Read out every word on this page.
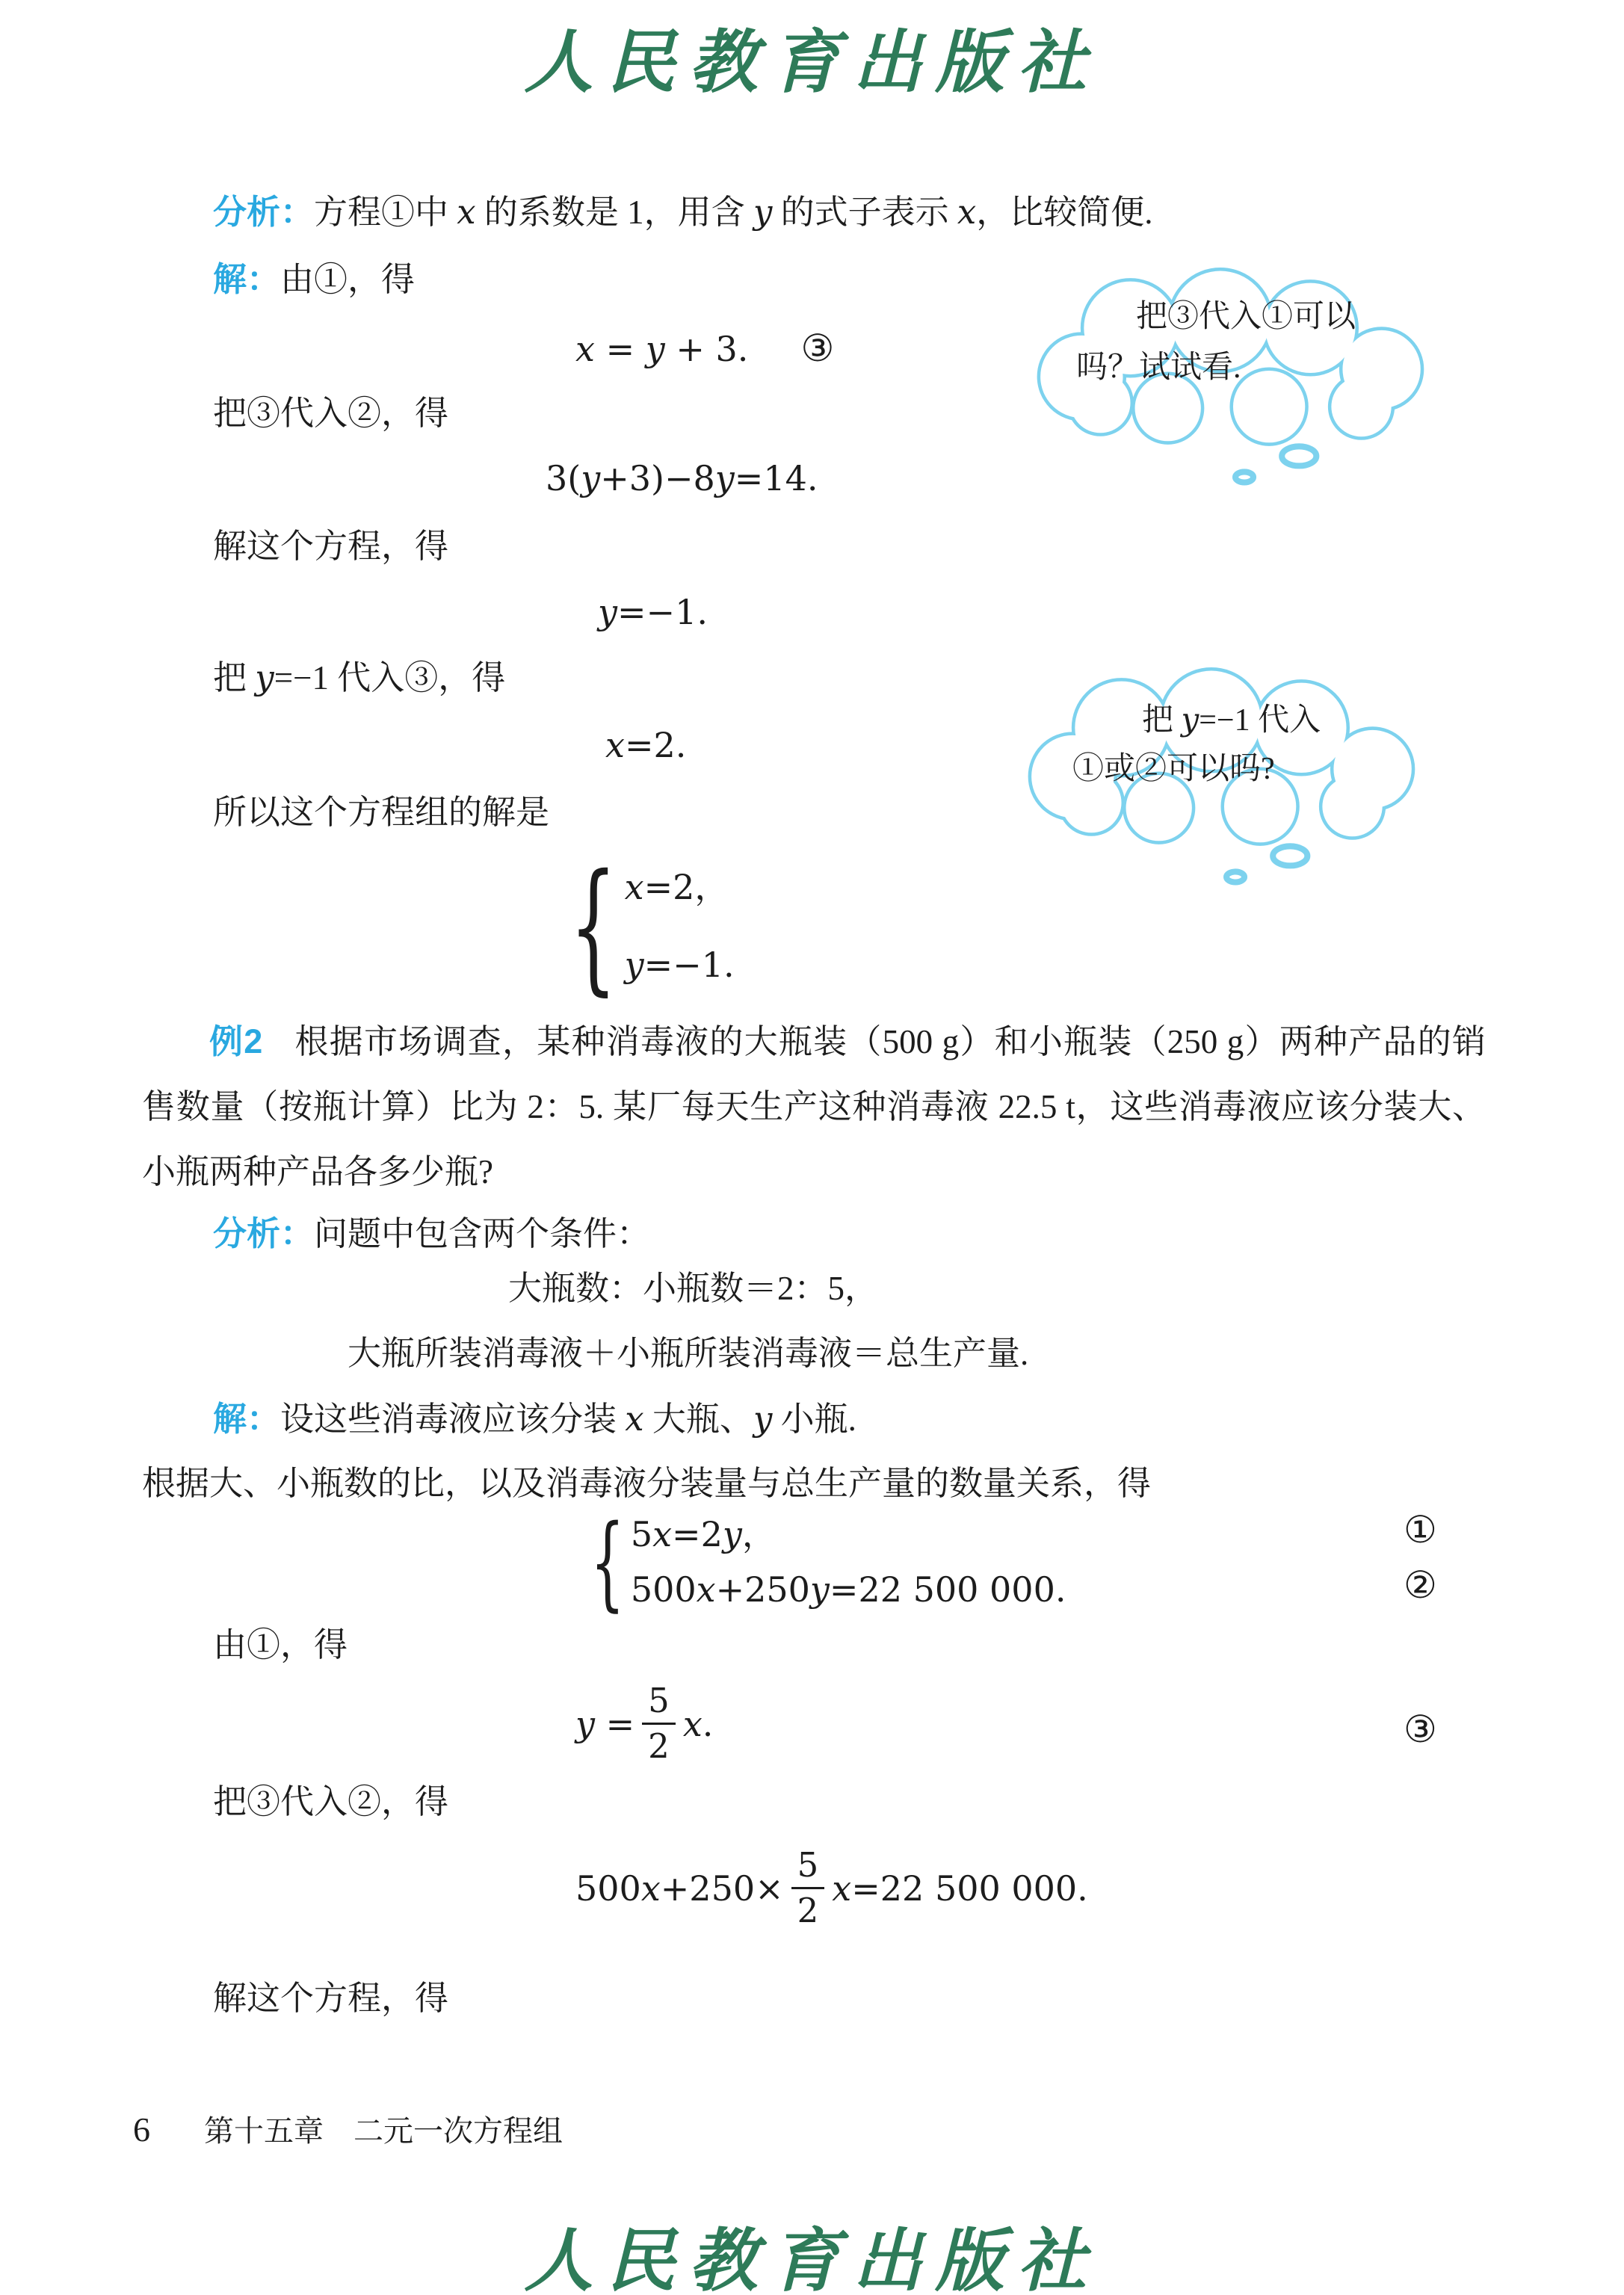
人民教育出版社
分析：方程①中 x 的系数是 1，用含 y 的式子表示 x，比较简便.
解：由①，得
x = y + 3. ③
把③代入②，得
3(y+3)−8y=14.
解这个方程，得
y=−1.
把 y=−1 代入③，得
x=2.
所以这个方程组的解是
{ x=2，
y=−1.
把③代入①可以
吗？试试看.
把 y=−1 代入
①或②可以吗?
例2 根据市场调查，某种消毒液的大瓶装（500 g）和小瓶装（250 g）两种产品的销售数量（按瓶计算）比为 2：5. 某厂每天生产这种消毒液 22.5 t，这些消毒液应该分装大、小瓶两种产品各多少瓶?
分析：问题中包含两个条件：
大瓶数：小瓶数＝2：5，
大瓶所装消毒液＋小瓶所装消毒液＝总生产量.
解：设这些消毒液应该分装 x 大瓶、y 小瓶.
根据大、小瓶数的比，以及消毒液分装量与总生产量的数量关系，得
{ 5x=2y，
500x+250y=22 500 000.
①
②
由①，得
$y = \frac{5}{2} x$.	③
把③代入②，得
$500x+250\times \frac{5}{2} x=22$ 500 000.
解这个方程，得
6 第十五章　二元一次方程组
人民教育出版社
